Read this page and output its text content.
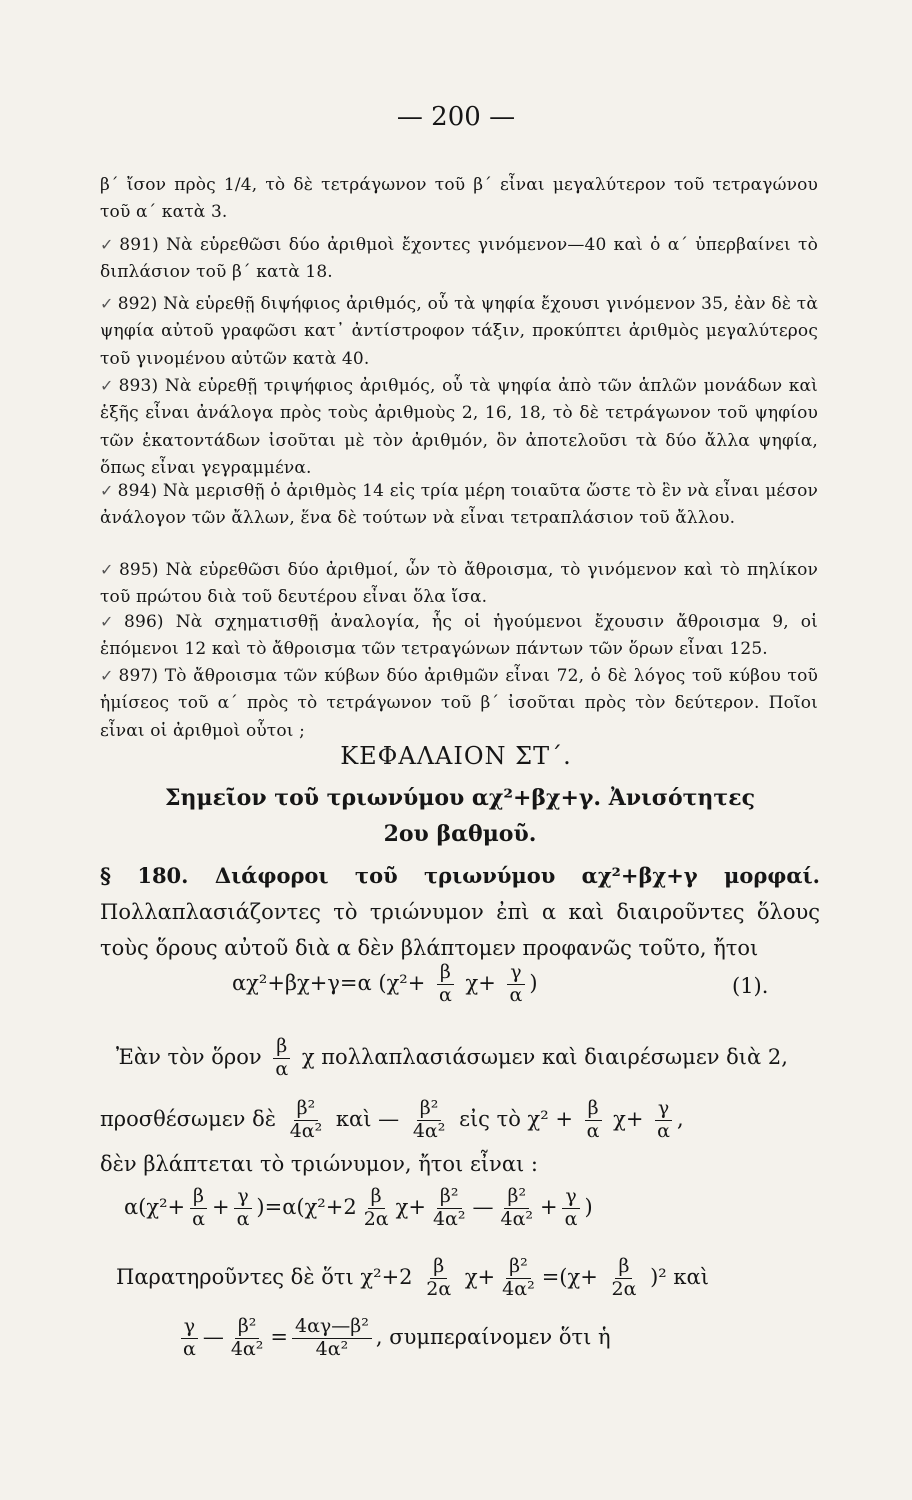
— 200 —

β΄ ἴσον πρὸς 1/4, τὸ δὲ τετράγωνον τοῦ β΄ εἶναι μεγαλύτερον τοῦ τετραγώνου τοῦ α΄ κατὰ 3.

✓ 891) Νὰ εὑρεθῶσι δύο ἀριθμοὶ ἔχοντες γινόμενον—40 καὶ ὁ α΄ ὑπερβαίνει τὸ διπλάσιον τοῦ β΄ κατὰ 18.

✓ 892) Νὰ εὑρεθῇ διψήφιος ἀριθμός, οὗ τὰ ψηφία ἔχουσι γινόμενον 35, ἐὰν δὲ τὰ ψηφία αὐτοῦ γραφῶσι κατ᾽ ἀντίστροφον τάξιν, προκύπτει ἀριθμὸς μεγαλύτερος τοῦ γινομένου αὐτῶν κατὰ 40.

✓ 893) Νὰ εὑρεθῇ τριψήφιος ἀριθμός, οὗ τὰ ψηφία ἀπὸ τῶν ἁπλῶν μονάδων καὶ ἑξῆς εἶναι ἀνάλογα πρὸς τοὺς ἀριθμοὺς 2, 16, 18, τὸ δὲ τετράγωνον τοῦ ψηφίου τῶν ἑκατοντάδων ἰσοῦται μὲ τὸν ἀριθμόν, ὃν ἀποτελοῦσι τὰ δύο ἄλλα ψηφία, ὅπως εἶναι γεγραμμένα.

✓ 894) Νὰ μερισθῇ ὁ ἀριθμὸς 14 εἰς τρία μέρη τοιαῦτα ὥστε τὸ ἓν νὰ εἶναι μέσον ἀνάλογον τῶν ἄλλων, ἕνα δὲ τούτων νὰ εἶναι τετραπλάσιον τοῦ ἄλλου.

✓ 895) Νὰ εὑρεθῶσι δύο ἀριθμοί, ὧν τὸ ἄθροισμα, τὸ γινόμενον καὶ τὸ πηλίκον τοῦ πρώτου διὰ τοῦ δευτέρου εἶναι ὅλα ἴσα.

✓ 896) Νὰ σχηματισθῇ ἀναλογία, ἧς οἱ ἡγούμενοι ἔχουσιν ἄθροισμα 9, οἱ ἑπόμενοι 12 καὶ τὸ ἄθροισμα τῶν τετραγώνων πάντων τῶν ὅρων εἶναι 125.

✓ 897) Τὸ ἄθροισμα τῶν κύβων δύο ἀριθμῶν εἶναι 72, ὁ δὲ λόγος τοῦ κύβου τοῦ ἡμίσεος τοῦ α΄ πρὸς τὸ τετράγωνον τοῦ β΄ ἰσοῦται πρὸς τὸν δεύτερον. Ποῖοι εἶναι οἱ ἀριθμοὶ οὗτοι ;

ΚΕΦΑΛΑΙΟΝ ΣΤ΄.
Σημεῖον τοῦ τριωνύμου αχ²+βχ+γ. Ἀνισότητες
2ου βαθμοῦ.

§ 180. Διάφοροι τοῦ τριωνύμου αχ²+βχ+γ μορφαί. Πολλαπλασιάζοντες τὸ τριώνυμον ἐπὶ α καὶ διαιροῦντες ὅλους τοὺς ὅρους αὐτοῦ διὰ α δὲν βλάπτομεν προφανῶς τοῦτο, ἤτοι

αχ²+βχ+γ=α ($\chi^2+ \frac{\beta}{\alpha} \chi+ \frac{\gamma}{\alpha}$ )	(1).
Ἐὰν τὸν ὅρον $\frac{\beta}{\alpha}$ χ πολλαπλασιάσωμεν καὶ διαιρέσωμεν διὰ 2,
προσθέσωμεν δὲ $\frac{\text{β²}}{\text{4α²}}$ καὶ — $\frac{\text{β²}}{\text{4α²}}$ εἰς τὸ $\chi^2 + \frac{\beta}{\alpha} \chi+ \frac{\gamma}{\alpha}$ ,
δὲν βλάπτεται τὸ τριώνυμον, ἤτοι εἶναι :
$\alpha(\chi^2+ \frac{\beta}{\alpha} + \frac{\gamma}{\alpha} )=\alpha(\chi^2+2 \frac{\beta}{2\alpha} \chi+ \frac{\text{β²}}{\text{4α²}}$ — $\frac{\text{β²}}{\text{4α²}} + \frac{\gamma}{\alpha}$ )
Παρατηροῦντες δὲ ὅτι $\chi^2+2 \frac{\beta}{2\alpha} \chi+ \frac{\text{β²}}{\text{4α²}} =(\chi+ \frac{\beta}{2\alpha} )^2$ καὶ
$\frac{\gamma}{\alpha}$ — $\frac{\text{β²}}{\text{4α²}} = \frac{\text{4αγ—β²}}{\text{4α²}}$ , συμπεραίνομεν ὅτι ἡ
